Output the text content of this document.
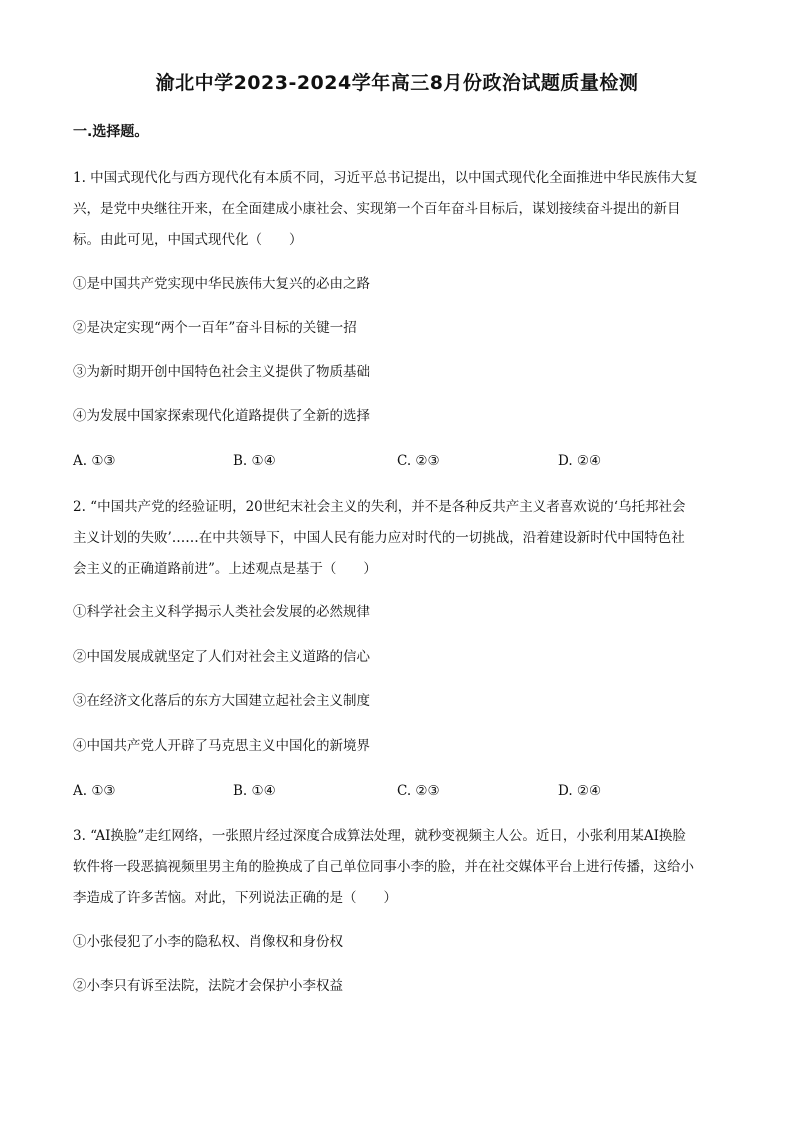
渝北中学2023-2024学年高三8月份政治试题质量检测
一.选择题。
1. 中国式现代化与西方现代化有本质不同，习近平总书记提出，以中国式现代化全面推进中华民族伟大复
兴，是党中央继往开来，在全面建成小康社会、实现第一个百年奋斗目标后，谋划接续奋斗提出的新目
标。由此可见，中国式现代化（　　）
①是中国共产党实现中华民族伟大复兴的必由之路
②是决定实现“两个一百年”奋斗目标的关键一招
③为新时期开创中国特色社会主义提供了物质基础
④为发展中国家探索现代化道路提供了全新的选择
A. ①③	B. ①④	C. ②③	D. ②④
2. “中国共产党的经验证明，20世纪末社会主义的失利，并不是各种反共产主义者喜欢说的‘乌托邦社会
主义计划的失败’……在中共领导下，中国人民有能力应对时代的一切挑战，沿着建设新时代中国特色社
会主义的正确道路前进”。上述观点是基于（　　）
①科学社会主义科学揭示人类社会发展的必然规律
②中国发展成就坚定了人们对社会主义道路的信心
③在经济文化落后的东方大国建立起社会主义制度
④中国共产党人开辟了马克思主义中国化的新境界
A. ①③	B. ①④	C. ②③	D. ②④
3. “AI换脸”走红网络，一张照片经过深度合成算法处理，就秒变视频主人公。近日，小张利用某AI换脸
软件将一段恶搞视频里男主角的脸换成了自己单位同事小李的脸，并在社交媒体平台上进行传播，这给小
李造成了许多苦恼。对此，下列说法正确的是（　　）
①小张侵犯了小李的隐私权、肖像权和身份权
②小李只有诉至法院，法院才会保护小李权益
